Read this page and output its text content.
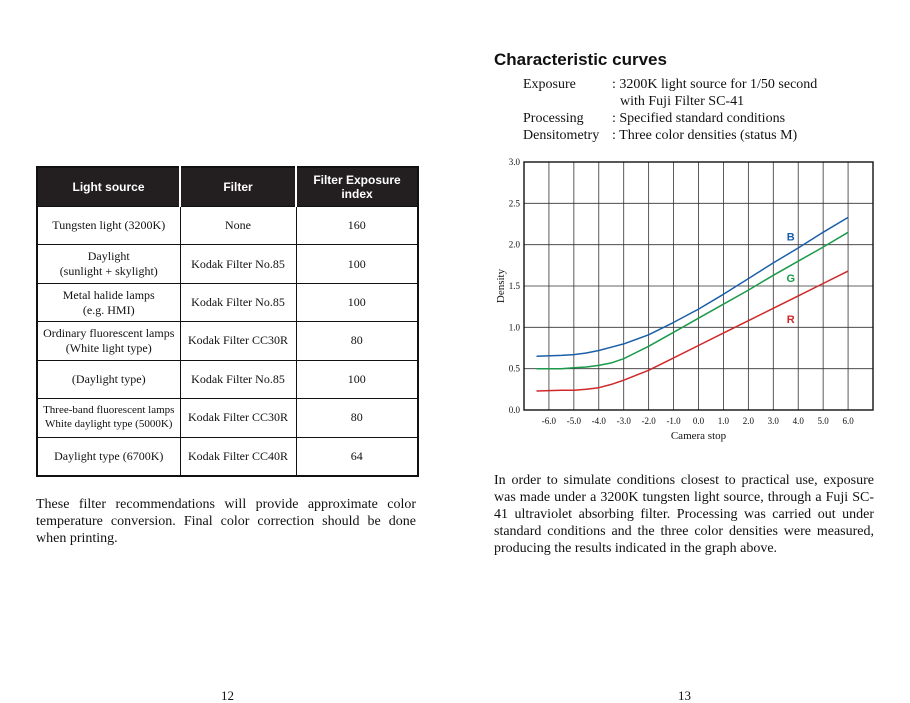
Light source	Filter	Filter Exposure index
Tungsten light (3200K)	None	160
Daylight
(sunlight + skylight)	Kodak Filter No.85	100
Metal halide lamps
(e.g. HMI)	Kodak Filter No.85	100
Ordinary fluorescent lamps
(White light type)	Kodak Filter CC30R	80
(Daylight type)	Kodak Filter No.85	100
Three-band fluorescent lamps
White daylight type (5000K)	Kodak Filter CC30R	80
Daylight type (6700K)	Kodak Filter CC40R	64

These filter recommendations will provide approximate color temperature conversion. Final color correction should be done when printing.

12
Characteristic curves
Exposure	: 3200K light source for 1/50 second
with Fuji Filter SC-41
Processing : Specified standard conditions
Densitometry : Three color densities (status M)
0.0
0.5
1.0
1.5
2.0
2.5
3.0
-6.0 -5.0 -4.0 -3.0 -2.0 -1.0 0.0 1.0 2.0 3.0 4.0 5.0 6.0
Camera stop
Density
B
G
R

In order to simulate conditions closest to practical use, exposure was made under a 3200K tungsten light source, through a Fuji SC-41 ultraviolet absorbing filter. Processing was carried out under standard conditions and the three color densities were measured, producing the results indicated in the graph above.

13
